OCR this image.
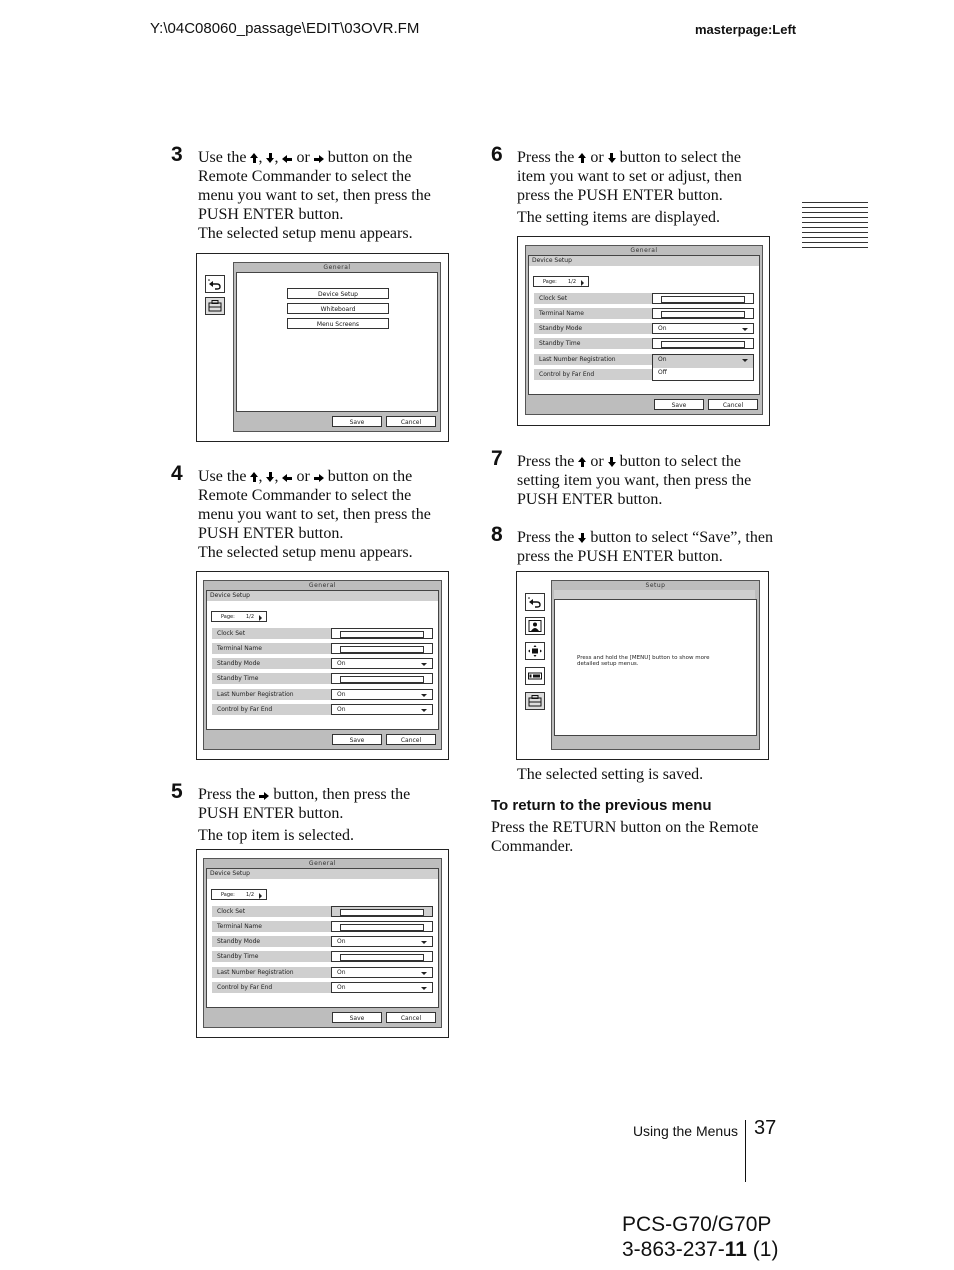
Y:\04C08060_passage\EDIT\03OVR.FM	masterpage:Left
3 Use the , , or button on the Remote Commander to select the menu you want to set, then press the PUSH ENTER button.

The selected setup menu appears.

General
Device Setup
Whiteboard
Menu Screens
Save	Cancel
4 Use the , , or button on the Remote Commander to select the menu you want to set, then press the PUSH ENTER button.

The selected setup menu appears.

General
Device Setup
Page: 1/2
Clock Set
Terminal Name
Standby Mode	On
Standby Time
Last Number Registration	On
Control by Far End	On
Save	Cancel
5 Press the button, then press the PUSH ENTER button.

The top item is selected.

General
Device Setup
Page: 1/2
Clock Set
Terminal Name
Standby Mode	On
Standby Time
Last Number Registration	On
Control by Far End	On
Save	Cancel
6 Press the or button to select the item you want to set or adjust, then press the PUSH ENTER button.

The setting items are displayed.

General
Device Setup
Page: 1/2
Clock Set
Terminal Name
Standby Mode	On
Standby Time
Last Number Registration	On
Off
Control by Far End
Save	Cancel
7 Press the or button to select the setting item you want, then press the PUSH ENTER button.

8 Press the button to select “Save”, then press the PUSH ENTER button.

Setup
Press and hold the [MENU] button to show more detailed setup menus.
The selected setting is saved.
To return to the previous menu
Press the RETURN button on the Remote Commander.
Using the Menus 37
PCS-G70/G70P
3-863-237-11 (1)
